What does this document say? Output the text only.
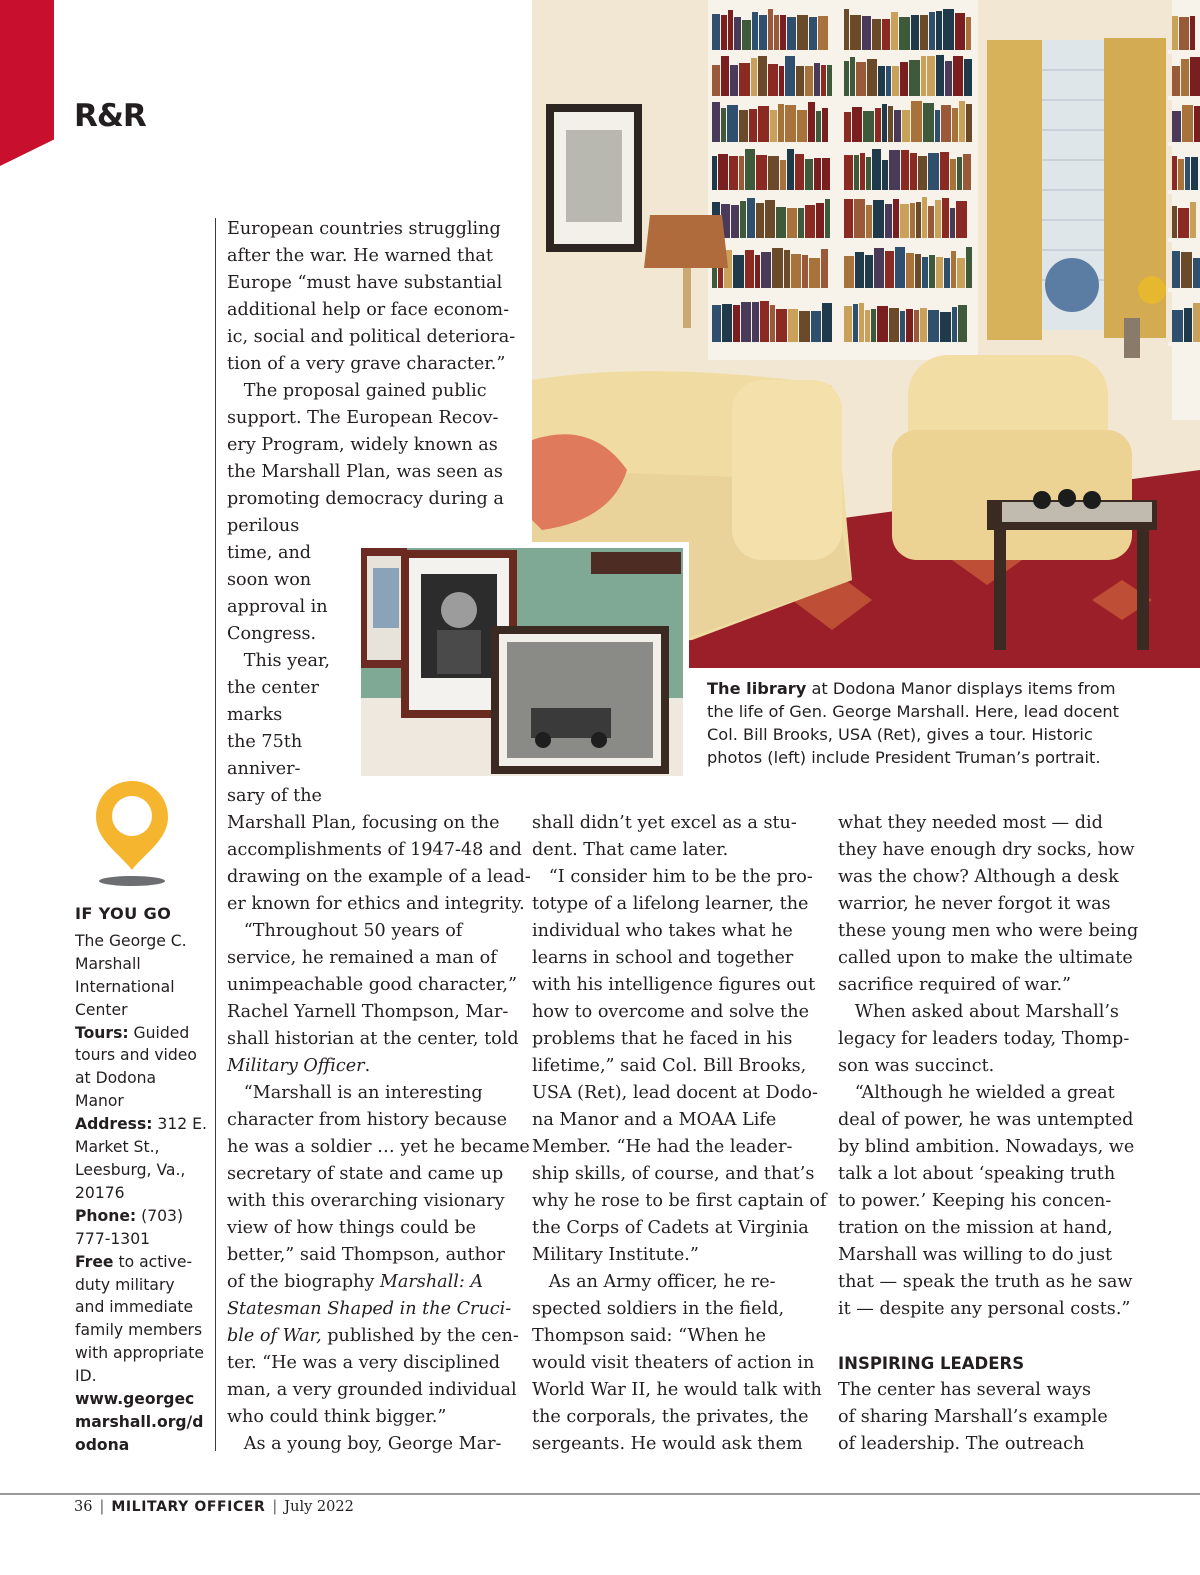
R&R
The library at Dodona Manor displays items from the life of Gen. George Marshall. Here, lead docent Col. Bill Brooks, USA (Ret), gives a tour. Historic photos (left) include President Truman’s portrait.

European countries struggling

after the war. He warned that

Europe “must have substantial

additional help or face econom-

ic, social and political deteriora-

tion of a very grave character.”

The proposal gained public

support. The European Recov-

ery Program, widely known as

the Marshall Plan, was seen as

promoting democracy during a

perilous

time, and

soon won

approval in

Congress.

This year,

the center

marks

the 75th

anniver-

sary of the

Marshall Plan, focusing on the

accomplishments of 1947-48 and

drawing on the example of a lead-

er known for ethics and integrity.

“Throughout 50 years of

service, he remained a man of

unimpeachable good character,”

Rachel Yarnell Thompson, Mar-

shall historian at the center, told

Military Officer.

“Marshall is an interesting

character from history because

he was a soldier … yet he became

secretary of state and came up

with this overarching visionary

view of how things could be

better,” said Thompson, author

of the biography Marshall: A

Statesman Shaped in the Cruci-

ble of War, published by the cen-

ter. “He was a very disciplined

man, a very grounded individual

who could think bigger.”

As a young boy, George Mar-

shall didn’t yet excel as a stu-

dent. That came later.

“I consider him to be the pro-

totype of a lifelong learner, the

individual who takes what he

learns in school and together

with his intelligence figures out

how to overcome and solve the

problems that he faced in his

lifetime,” said Col. Bill Brooks,

USA (Ret), lead docent at Dodo-

na Manor and a MOAA Life

Member. “He had the leader-

ship skills, of course, and that’s

why he rose to be first captain of

the Corps of Cadets at Virginia

Military Institute.”

As an Army officer, he re-

spected soldiers in the field,

Thompson said: “When he

would visit theaters of action in

World War II, he would talk with

the corporals, the privates, the

sergeants. He would ask them

what they needed most — did

they have enough dry socks, how

was the chow? Although a desk

warrior, he never forgot it was

these young men who were being

called upon to make the ultimate

sacrifice required of war.”

When asked about Marshall’s

legacy for leaders today, Thomp-

son was succinct.

“Although he wielded a great

deal of power, he was untempted

by blind ambition. Nowadays, we

talk a lot about ‘speaking truth

to power.’ Keeping his concen-

tration on the mission at hand,

Marshall was willing to do just

that — speak the truth as he saw

it — despite any personal costs.”

INSPIRING LEADERS

The center has several ways

of sharing Marshall’s example

of leadership. The outreach

IF YOU GO

The George C. Marshall International Center

Tours: Guided tours and video at Dodona Manor

Address: 312 E. Market St., Leesburg, Va., 20176

Phone: (703) 777-1301

Free to active-duty military and immediate family members with appropriate ID.

www.georgecmarshall.org/dodona

36 | MILITARY OFFICER | July 2022
